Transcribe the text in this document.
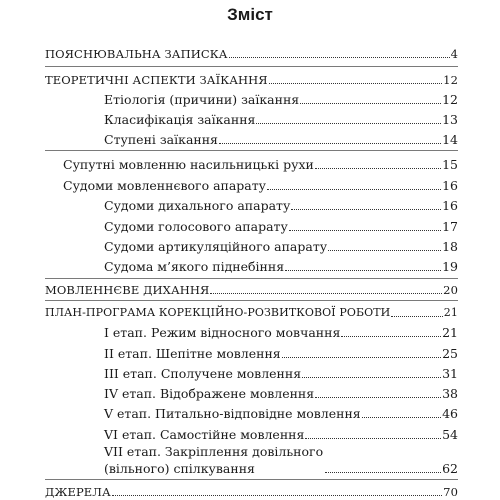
Зміст
ПОЯСНЮВАЛЬНА ЗАПИСКА	4
ТЕОРЕТИЧНІ АСПЕКТИ ЗАЇКАННЯ	12
Етіологія (причини) заїкання	12
Класифікація заїкання	13
Ступені заїкання	14
Супутні мовленню насильницькі рухи	15
Судоми мовленнєвого апарату	16
Судоми дихального апарату	16
Судоми голосового апарату	17
Судоми артикуляційного апарату	18
Судома м’якого піднебіння	19
МОВЛЕННЄВЕ ДИХАННЯ	20
ПЛАН-ПРОГРАМА КОРЕКЦІЙНО-РОЗВИТКОВОЇ РОБОТИ	21
I етап. Режим відносного мовчання	21
II етап. Шепітне мовлення	25
III етап. Сполучене мовлення	31
IV етап. Відображене мовлення	38
V етап. Питально-відповідне мовлення	46
VI етап. Самостійне мовлення	54
VII етап. Закріплення довільного (вільного) спілкування	62
ДЖЕРЕЛА	70
